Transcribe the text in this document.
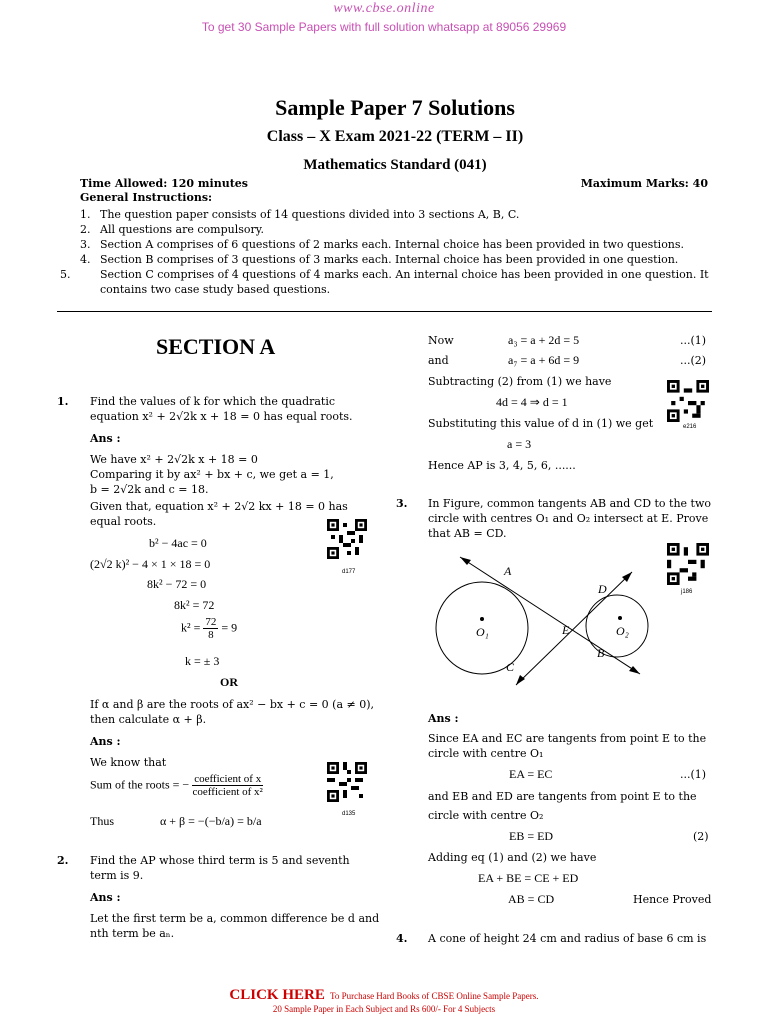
www.cbse.online
To get 30 Sample Papers with full solution whatsapp at 89056 29969
Sample Paper 7 Solutions
Class – X Exam 2021-22 (TERM – II)
Mathematics Standard (041)
Time Allowed: 120 minutes	Maximum Marks: 40
General Instructions:
1. The question paper consists of 14 questions divided into 3 sections A, B, C.
2. All questions are compulsory.
3. Section A comprises of 6 questions of 2 marks each. Internal choice has been provided in two questions.
4. Section B comprises of 3 questions of 3 marks each. Internal choice has been provided in one question.
5.	Section C comprises of 4 questions of 4 marks each. An internal choice has been provided in one question. It contains two case study based questions.
SECTION A
1. Find the values of k for which the quadratic
equation x² + 2√2k x + 18 = 0 has equal roots.
Ans :
We have x² + 2√2k x + 18 = 0
Comparing it by ax² + bx + c, we get a = 1,
b = 2√2k and c = 18.
Given that, equation x² + 2√2 kx + 18 = 0 has
equal roots.
b² − 4ac = 0
(2√2 k)² − 4 × 1 × 18 = 0
8k² − 72 = 0
8k² = 72
$k^2 = \frac{72}{8} = 9$
k = ± 3
OR
If α and β are the roots of ax² − bx + c = 0 (a ≠ 0),
then calculate α + β.
Ans :
We know that
Sum of the roots = − $\frac{\text{coefficient of x}}{\text{coefficient of x²}}$
Thus	α + β = −(−b/a) = b/a
d177
d135
2. Find the AP whose third term is 5 and seventh
term is 9.
Ans :
Let the first term be a, common difference be d and
nth term be aₙ.
Now	a₃ = a + 2d = 5	...(1)
and	a₇ = a + 6d = 9	...(2)
Subtracting (2) from (1) we have
4d = 4 ⇒ d = 1
Substituting this value of d in (1) we get
a = 3
Hence AP is 3, 4, 5, 6, ......
e216
3. In Figure, common tangents AB and CD to the two
circle with centres O₁ and O₂ intersect at E. Prove
that AB = CD.
j186
A
D
E
O₁	O₂
B
C
Ans :
Since EA and EC are tangents from point E to the
circle with centre O₁
EA = EC	...(1)
and EB and ED are tangents from point E to the
circle with centre O₂
EB = ED	(2)
Adding eq (1) and (2) we have
EA + BE = CE + ED
AB = CD	Hence Proved
4. A cone of height 24 cm and radius of base 6 cm is
CLICK HERE To Purchase Hard Books of CBSE Online Sample Papers.
20 Sample Paper in Each Subject and Rs 600/- For 4 Subjects
